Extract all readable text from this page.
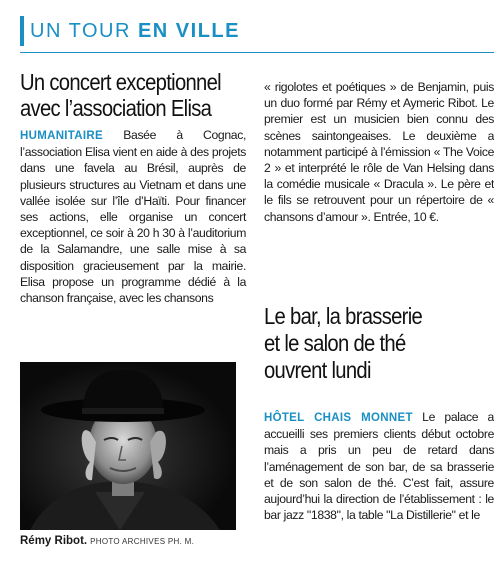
UN TOUR EN VILLE
Un concert exceptionnel
avec l’association Elisa

HUMANITAIRE Basée à Cognac, l’association Elisa vient en aide à des projets dans une favela au Brésil, auprès de plusieurs structures au Vietnam et dans une vallée isolée sur l’île d’Haïti. Pour financer ses actions, elle organise un concert exceptionnel, ce soir à 20 h 30 à l’auditorium de la Salamandre, une salle mise à sa disposition gracieusement par la mairie. Elisa propose un programme dédié à la chanson française, avec les chansons

Rémy Ribot. PHOTO ARCHIVES PH. M.

« rigolotes et poétiques » de Benjamin, puis un duo formé par Rémy et Aymeric Ribot. Le premier est un musicien bien connu des scènes saintongeaises. Le deuxième a notamment participé à l’émission « The Voice 2 » et interprété le rôle de Van Helsing dans la comédie musicale « Dracula ». Le père et le fils se retrouvent pour un répertoire de « chansons d’amour ». Entrée, 10 €.

Le bar, la brasserie
et le salon de thé
ouvrent lundi

HÔTEL CHAIS MONNET Le palace a accueilli ses premiers clients début octobre mais a pris un peu de retard dans l’aménagement de son bar, de sa brasserie et de son salon de thé. C’est fait, assure aujourd’hui la direction de l’établissement : le bar jazz "1838", la table "La Distillerie" et le
